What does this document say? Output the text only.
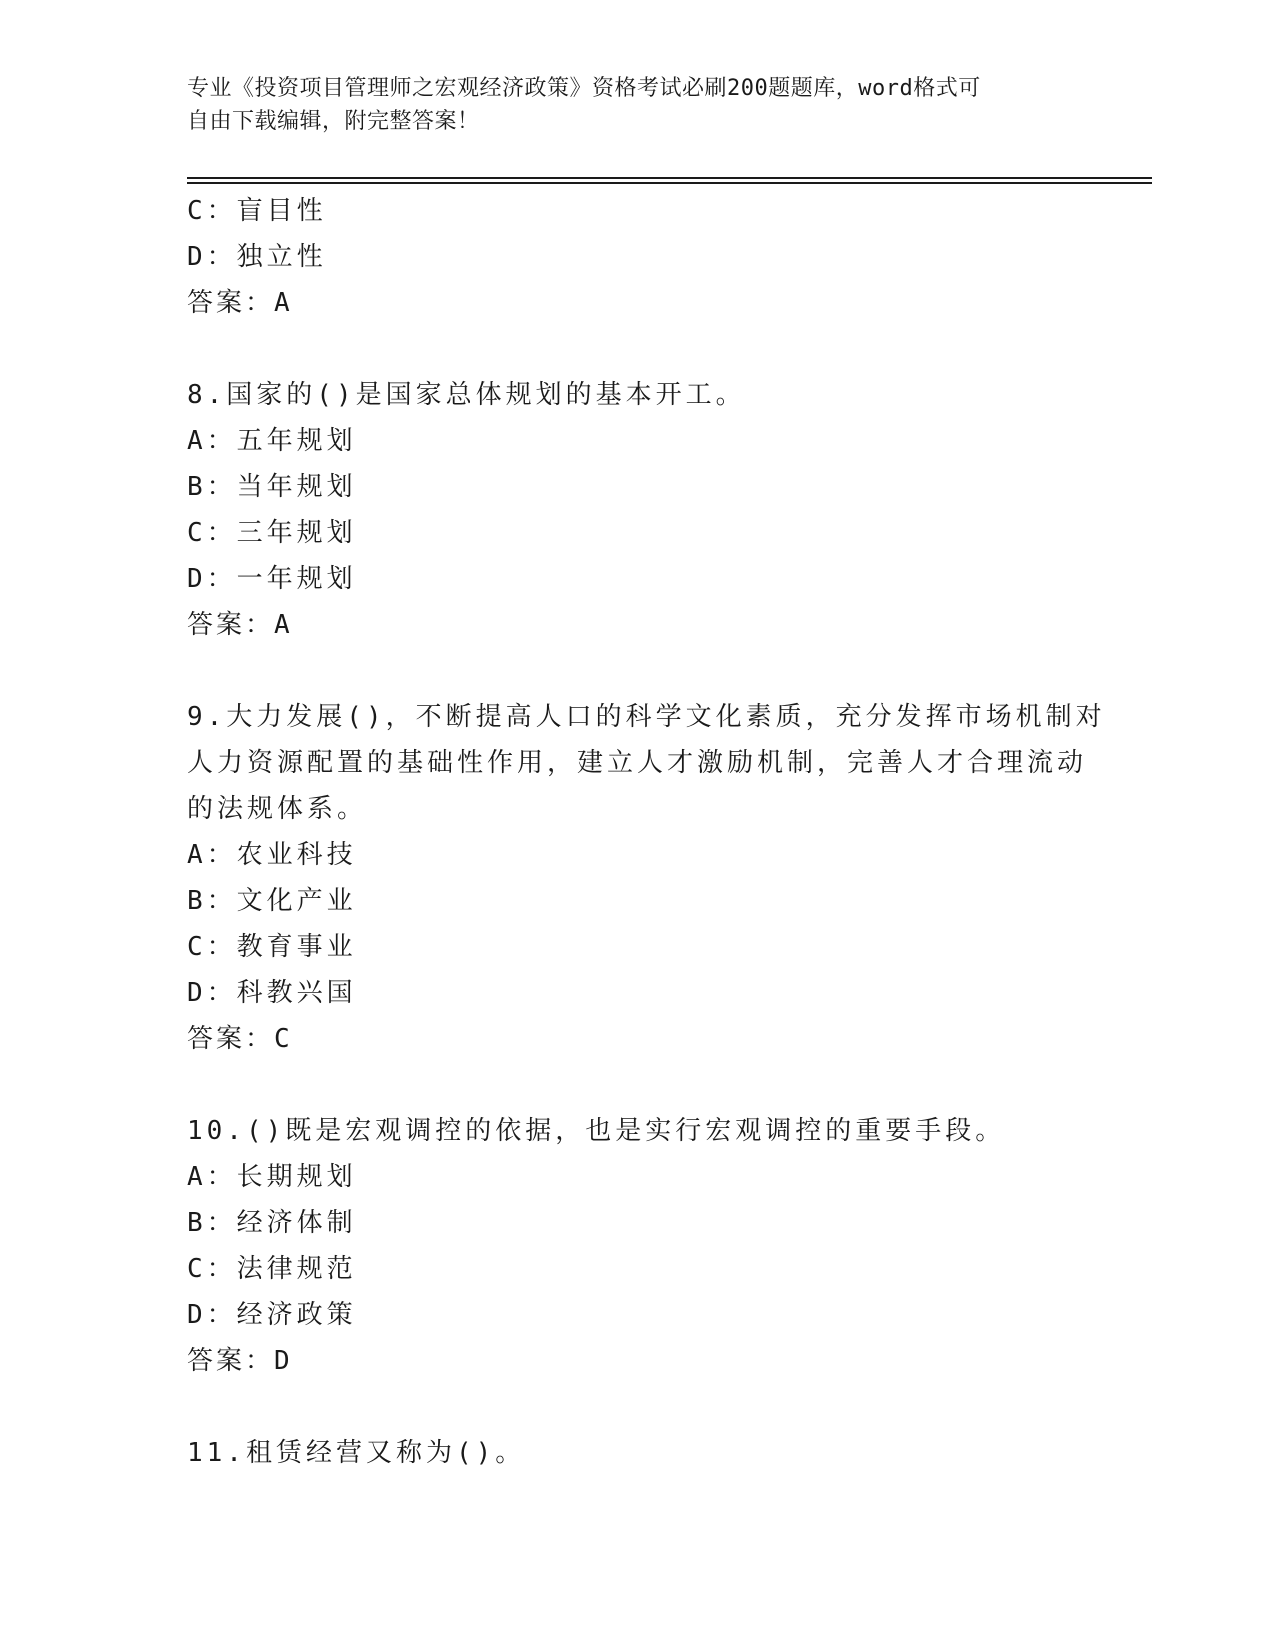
专业《投资项目管理师之宏观经济政策》资格考试必刷200题题库，word格式可
自由下载编辑，附完整答案！
C：盲目性
D：独立性
答案：A
8.国家的()是国家总体规划的基本开工。
A：五年规划
B：当年规划
C：三年规划
D：一年规划
答案：A
9.大力发展()，不断提高人口的科学文化素质，充分发挥市场机制对
人力资源配置的基础性作用，建立人才激励机制，完善人才合理流动
的法规体系。
A：农业科技
B：文化产业
C：教育事业
D：科教兴国
答案：C
10.()既是宏观调控的依据，也是实行宏观调控的重要手段。
A：长期规划
B：经济体制
C：法律规范
D：经济政策
答案：D
11.租赁经营又称为()。
